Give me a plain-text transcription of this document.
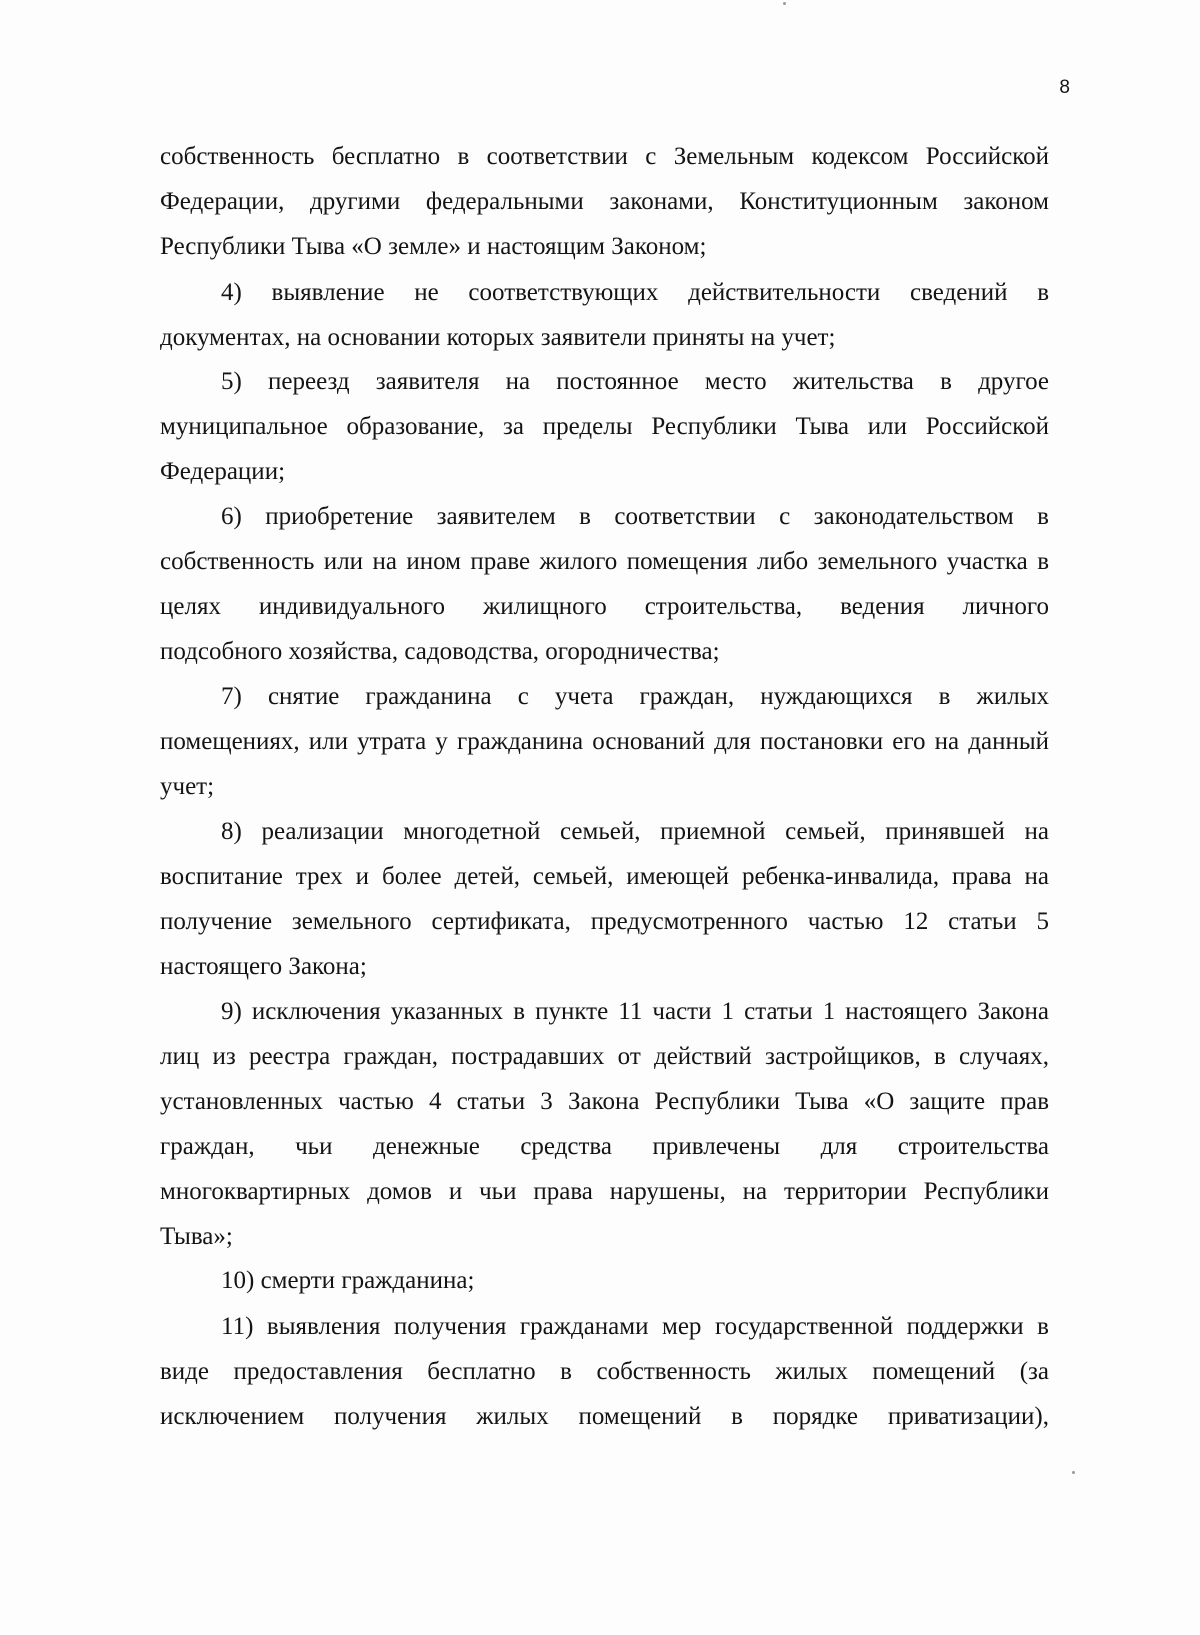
8
собственность бесплатно в соответствии с Земельным кодексом Российской
Федерации, другими федеральными законами, Конституционным законом
Республики Тыва «О земле» и настоящим Законом;
4) выявление не соответствующих действительности сведений в
документах, на основании которых заявители приняты на учет;
5) переезд заявителя на постоянное место жительства в другое
муниципальное образование, за пределы Республики Тыва или Российской
Федерации;
6) приобретение заявителем в соответствии с законодательством в
собственность или на ином праве жилого помещения либо земельного участка в
целях индивидуального жилищного строительства, ведения личного
подсобного хозяйства, садоводства, огородничества;
7) снятие гражданина с учета граждан, нуждающихся в жилых
помещениях, или утрата у гражданина оснований для постановки его на данный
учет;
8) реализации многодетной семьей, приемной семьей, принявшей на
воспитание трех и более детей, семьей, имеющей ребенка-инвалида, права на
получение земельного сертификата, предусмотренного частью 12 статьи 5
настоящего Закона;
9) исключения указанных в пункте 11 части 1 статьи 1 настоящего Закона
лиц из реестра граждан, пострадавших от действий застройщиков, в случаях,
установленных частью 4 статьи 3 Закона Республики Тыва «О защите прав
граждан, чьи денежные средства привлечены для строительства
многоквартирных домов и чьи права нарушены, на территории Республики
Тыва»;
10) смерти гражданина;
11) выявления получения гражданами мер государственной поддержки в
виде предоставления бесплатно в собственность жилых помещений (за
исключением получения жилых помещений в порядке приватизации),
